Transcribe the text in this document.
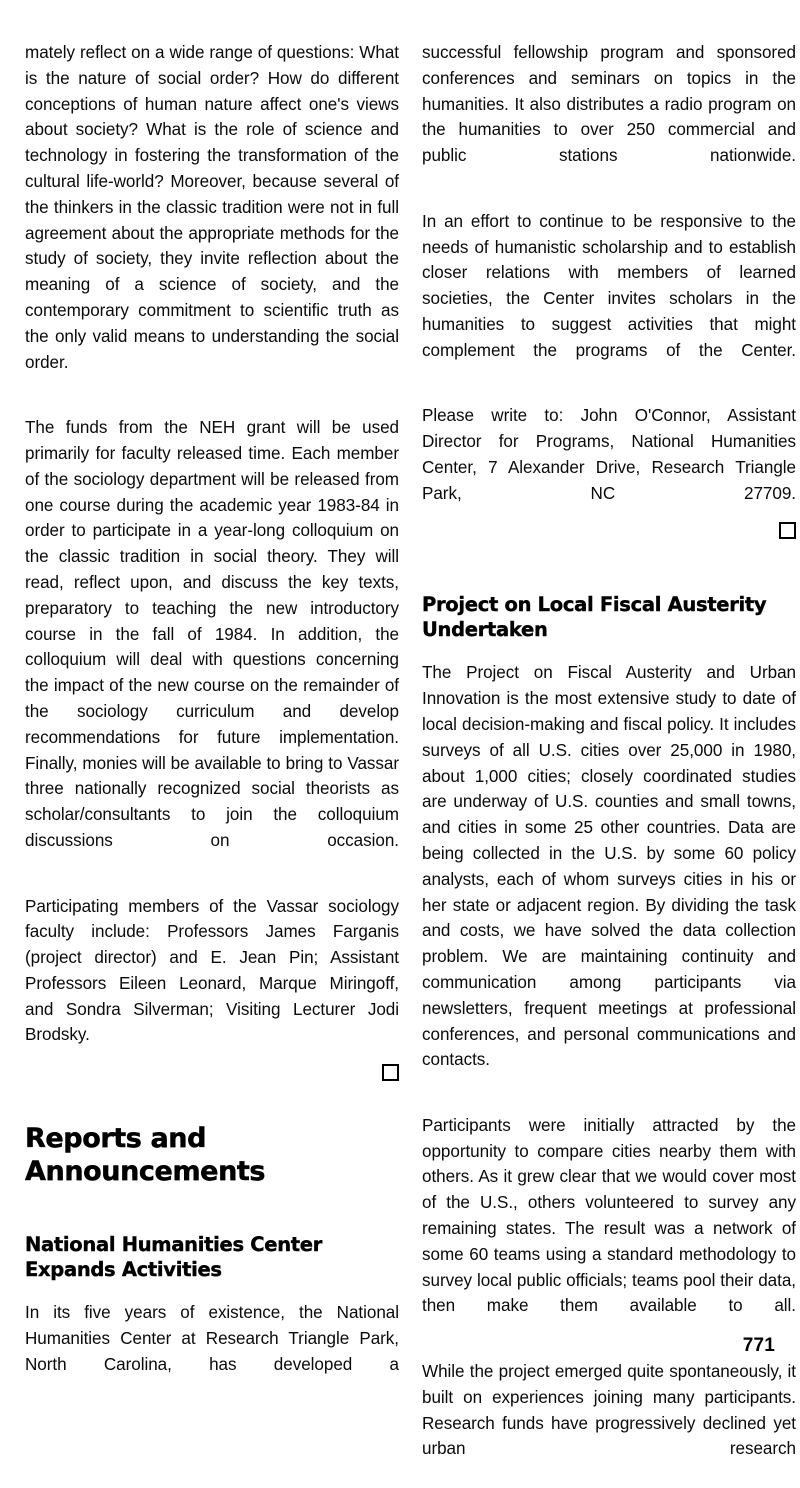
mately reflect on a wide range of questions: What is the nature of social order? How do different conceptions of human nature affect one's views about society? What is the role of science and technology in fostering the transformation of the cultural life-world? Moreover, because several of the thinkers in the classic tradition were not in full agreement about the appropriate methods for the study of society, they invite reflection about the meaning of a science of society, and the contemporary commitment to scientific truth as the only valid means to understanding the social order.

The funds from the NEH grant will be used primarily for faculty released time. Each member of the sociology department will be released from one course during the academic year 1983-84 in order to participate in a year-long colloquium on the classic tradition in social theory. They will read, reflect upon, and discuss the key texts, preparatory to teaching the new introductory course in the fall of 1984. In addition, the colloquium will deal with questions concerning the impact of the new course on the remainder of the sociology curriculum and develop recommendations for future implementation. Finally, monies will be available to bring to Vassar three nationally recognized social theorists as scholar/consultants to join the colloquium discussions on occasion.

Participating members of the Vassar sociology faculty include: Professors James Farganis (project director) and E. Jean Pin; Assistant Professors Eileen Leonard, Marque Miringoff, and Sondra Silverman; Visiting Lecturer Jodi Brodsky.

Reports and Announcements
National Humanities Center Expands Activities

In its five years of existence, the National Humanities Center at Research Triangle Park, North Carolina, has developed a

successful fellowship program and sponsored conferences and seminars on topics in the humanities. It also distributes a radio program on the humanities to over 250 commercial and public stations nationwide.

In an effort to continue to be responsive to the needs of humanistic scholarship and to establish closer relations with members of learned societies, the Center invites scholars in the humanities to suggest activities that might complement the programs of the Center.

Please write to: John O'Connor, Assistant Director for Programs, National Humanities Center, 7 Alexander Drive, Research Triangle Park, NC 27709.

Project on Local Fiscal Austerity Undertaken

The Project on Fiscal Austerity and Urban Innovation is the most extensive study to date of local decision-making and fiscal policy. It includes surveys of all U.S. cities over 25,000 in 1980, about 1,000 cities; closely coordinated studies are underway of U.S. counties and small towns, and cities in some 25 other countries. Data are being collected in the U.S. by some 60 policy analysts, each of whom surveys cities in his or her state or adjacent region. By dividing the task and costs, we have solved the data collection problem. We are maintaining continuity and communication among participants via newsletters, frequent meetings at professional conferences, and personal communications and contacts.

Participants were initially attracted by the opportunity to compare cities nearby them with others. As it grew clear that we would cover most of the U.S., others volunteered to survey any remaining states. The result was a network of some 60 teams using a standard methodology to survey local public officials; teams pool their data, then make them available to all.

While the project emerged quite spontaneously, it built on experiences joining many participants. Research funds have progressively declined yet urban research

771
